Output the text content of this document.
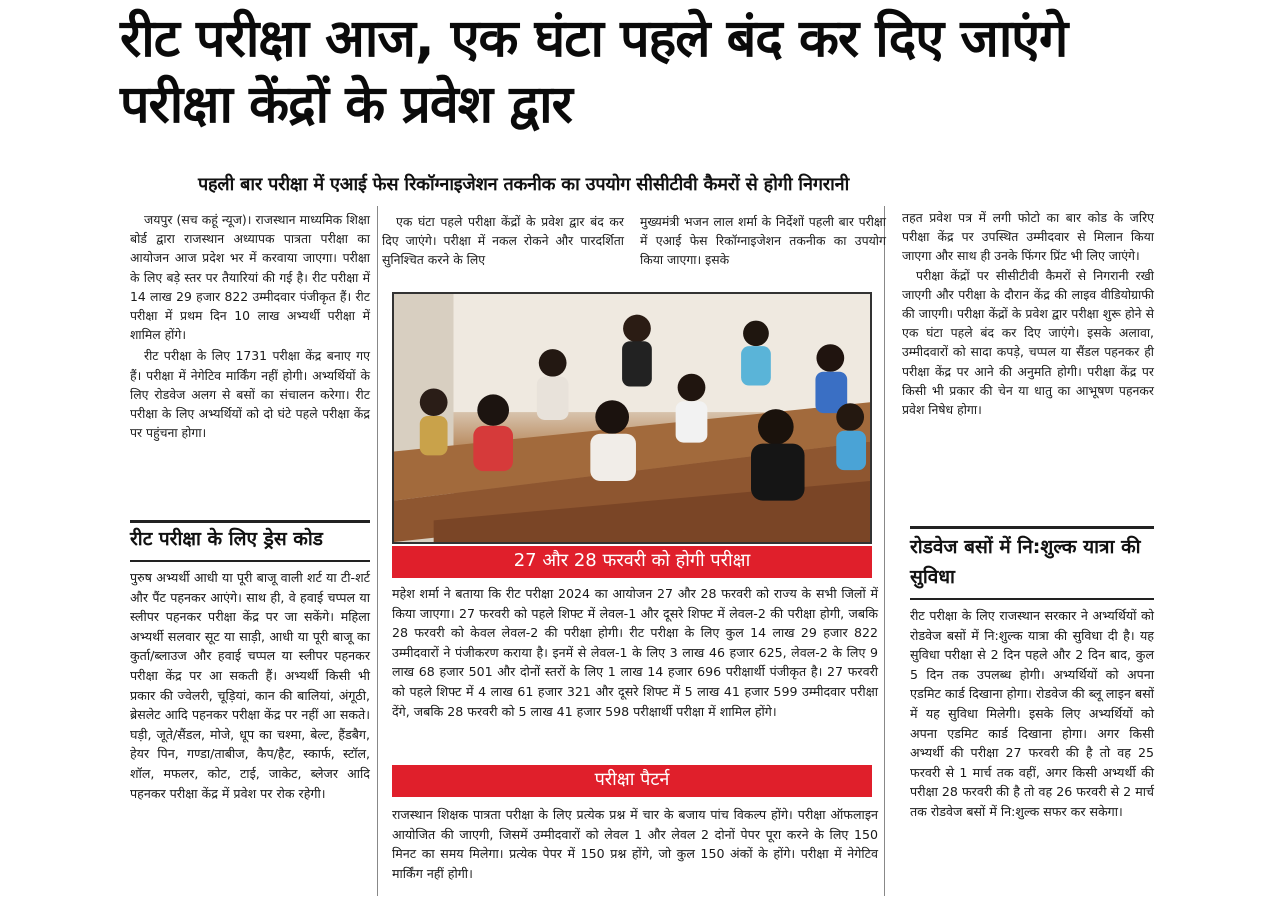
रीट परीक्षा आज, एक घंटा पहले बंद कर दिए जाएंगे परीक्षा केंद्रों के प्रवेश द्वार
पहली बार परीक्षा में एआई फेस रिकॉग्नाइजेशन तकनीक का उपयोग सीसीटीवी कैमरों से होगी निगरानी

जयपुर (सच कहूं न्यूज)। राजस्थान माध्यमिक शिक्षा बोर्ड द्वारा राजस्थान अध्यापक पात्रता परीक्षा का आयोजन आज प्रदेश भर में करवाया जाएगा। परीक्षा के लिए बड़े स्तर पर तैयारियां की गई है। रीट परीक्षा में 14 लाख 29 हजार 822 उम्मीदवार पंजीकृत हैं। रीट परीक्षा में प्रथम दिन 10 लाख अभ्यर्थी परीक्षा में शामिल होंगे।

रीट परीक्षा के लिए 1731 परीक्षा केंद्र बनाए गए हैं। परीक्षा में नेगेटिव मार्किंग नहीं होगी। अभ्यर्थियों के लिए रोडवेज अलग से बसों का संचालन करेगा। रीट परीक्षा के लिए अभ्यर्थियों को दो घंटे पहले परीक्षा केंद्र पर पहुंचना होगा।

रीट परीक्षा के लिए ड्रेस कोड
पुरुष अभ्यर्थी आधी या पूरी बाजू वाली शर्ट या टी-शर्ट और पैंट पहनकर आएंगे। साथ ही, वे हवाई चप्पल या स्लीपर पहनकर परीक्षा केंद्र पर जा सकेंगे। महिला अभ्यर्थी सलवार सूट या साड़ी, आधी या पूरी बाजू का कुर्ता/ब्लाउज और हवाई चप्पल या स्लीपर पहनकर परीक्षा केंद्र पर आ सकती हैं। अभ्यर्थी किसी भी प्रकार की ज्वेलरी, चूड़ियां, कान की बालियां, अंगूठी, ब्रेसलेट आदि पहनकर परीक्षा केंद्र पर नहीं आ सकते। घड़ी, जूते/सैंडल, मोजे, धूप का चश्मा, बेल्ट, हैंडबैग, हेयर पिन, गण्डा/ताबीज, कैप/हैट, स्कार्फ, स्टॉल, शॉल, मफलर, कोट, टाई, जाकेट, ब्लेजर आदि पहनकर परीक्षा केंद्र में प्रवेश पर रोक रहेगी।

एक घंटा पहले परीक्षा केंद्रों के प्रवेश द्वार बंद कर दिए जाएंगे। परीक्षा में नकल रोकने और पारदर्शिता सुनिश्चित करने के लिए

मुख्यमंत्री भजन लाल शर्मा के निर्देशों पहली बार परीक्षा में एआई फेस रिकॉग्नाइजेशन तकनीक का उपयोग किया जाएगा। इसके

27 और 28 फरवरी को होगी परीक्षा
महेश शर्मा ने बताया कि रीट परीक्षा 2024 का आयोजन 27 और 28 फरवरी को राज्य के सभी जिलों में किया जाएगा। 27 फरवरी को पहले शिफ्ट में लेवल-1 और दूसरे शिफ्ट में लेवल-2 की परीक्षा होगी, जबकि 28 फरवरी को केवल लेवल-2 की परीक्षा होगी। रीट परीक्षा के लिए कुल 14 लाख 29 हजार 822 उम्मीदवारों ने पंजीकरण कराया है। इनमें से लेवल-1 के लिए 3 लाख 46 हजार 625, लेवल-2 के लिए 9 लाख 68 हजार 501 और दोनों स्तरों के लिए 1 लाख 14 हजार 696 परीक्षार्थी पंजीकृत है। 27 फरवरी को पहले शिफ्ट में 4 लाख 61 हजार 321 और दूसरे शिफ्ट में 5 लाख 41 हजार 599 उम्मीदवार परीक्षा देंगे, जबकि 28 फरवरी को 5 लाख 41 हजार 598 परीक्षार्थी परीक्षा में शामिल होंगे।
परीक्षा पैटर्न
राजस्थान शिक्षक पात्रता परीक्षा के लिए प्रत्येक प्रश्न में चार के बजाय पांच विकल्प होंगे। परीक्षा ऑफलाइन आयोजित की जाएगी, जिसमें उम्मीदवारों को लेवल 1 और लेवल 2 दोनों पेपर पूरा करने के लिए 150 मिनट का समय मिलेगा। प्रत्येक पेपर में 150 प्रश्न होंगे, जो कुल 150 अंकों के होंगे। परीक्षा में नेगेटिव मार्किंग नहीं होगी।

तहत प्रवेश पत्र में लगी फोटो का बार कोड के जरिए परीक्षा केंद्र पर उपस्थित उम्मीदवार से मिलान किया जाएगा और साथ ही उनके फिंगर प्रिंट भी लिए जाएंगे।

परीक्षा केंद्रों पर सीसीटीवी कैमरों से निगरानी रखी जाएगी और परीक्षा के दौरान केंद्र की लाइव वीडियोग्राफी की जाएगी। परीक्षा केंद्रों के प्रवेश द्वार परीक्षा शुरू होने से एक घंटा पहले बंद कर दिए जाएंगे। इसके अलावा, उम्मीदवारों को सादा कपड़े, चप्पल या सैंडल पहनकर ही परीक्षा केंद्र पर आने की अनुमति होगी। परीक्षा केंद्र पर किसी भी प्रकार की चेन या धातु का आभूषण पहनकर प्रवेश निषेध होगा।

रोडवेज बसों में नि:शुल्क यात्रा की सुविधा
रीट परीक्षा के लिए राजस्थान सरकार ने अभ्यर्थियों को रोडवेज बसों में नि:शुल्क यात्रा की सुविधा दी है। यह सुविधा परीक्षा से 2 दिन पहले और 2 दिन बाद, कुल 5 दिन तक उपलब्ध होगी। अभ्यर्थियों को अपना एडमिट कार्ड दिखाना होगा। रोडवेज की ब्लू लाइन बसों में यह सुविधा मिलेगी। इसके लिए अभ्यर्थियों को अपना एडमिट कार्ड दिखाना होगा। अगर किसी अभ्यर्थी की परीक्षा 27 फरवरी की है तो वह 25 फरवरी से 1 मार्च तक वहीं, अगर किसी अभ्यर्थी की परीक्षा 28 फरवरी की है तो वह 26 फरवरी से 2 मार्च तक रोडवेज बसों में नि:शुल्क सफर कर सकेगा।
